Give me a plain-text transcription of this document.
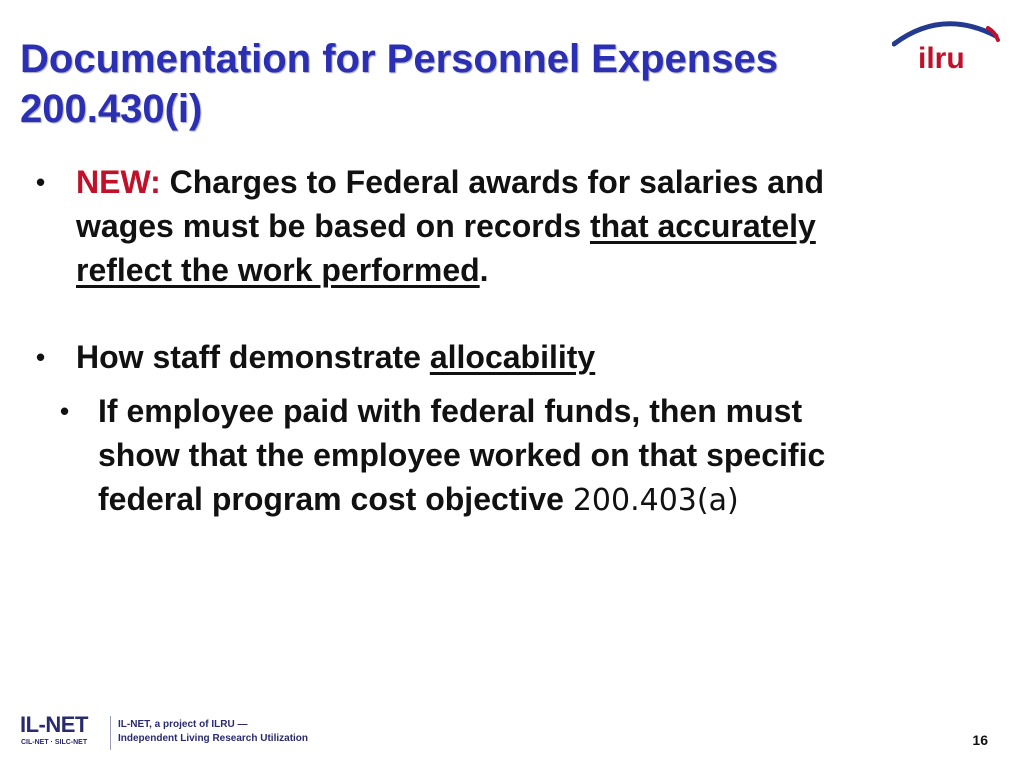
Documentation for Personnel Expenses
200.430(i)
ilru
• NEW: Charges to Federal awards for salaries and
wages must be based on records that accurately
reflect the work performed.
• How staff demonstrate allocability
• If employee paid with federal funds, then must
show that the employee worked on that specific
federal program cost objective 200.403(a)
IL-NET
CIL-NET · SILC-NET
IL-NET, a project of ILRU —
Independent Living Research Utilization	16
